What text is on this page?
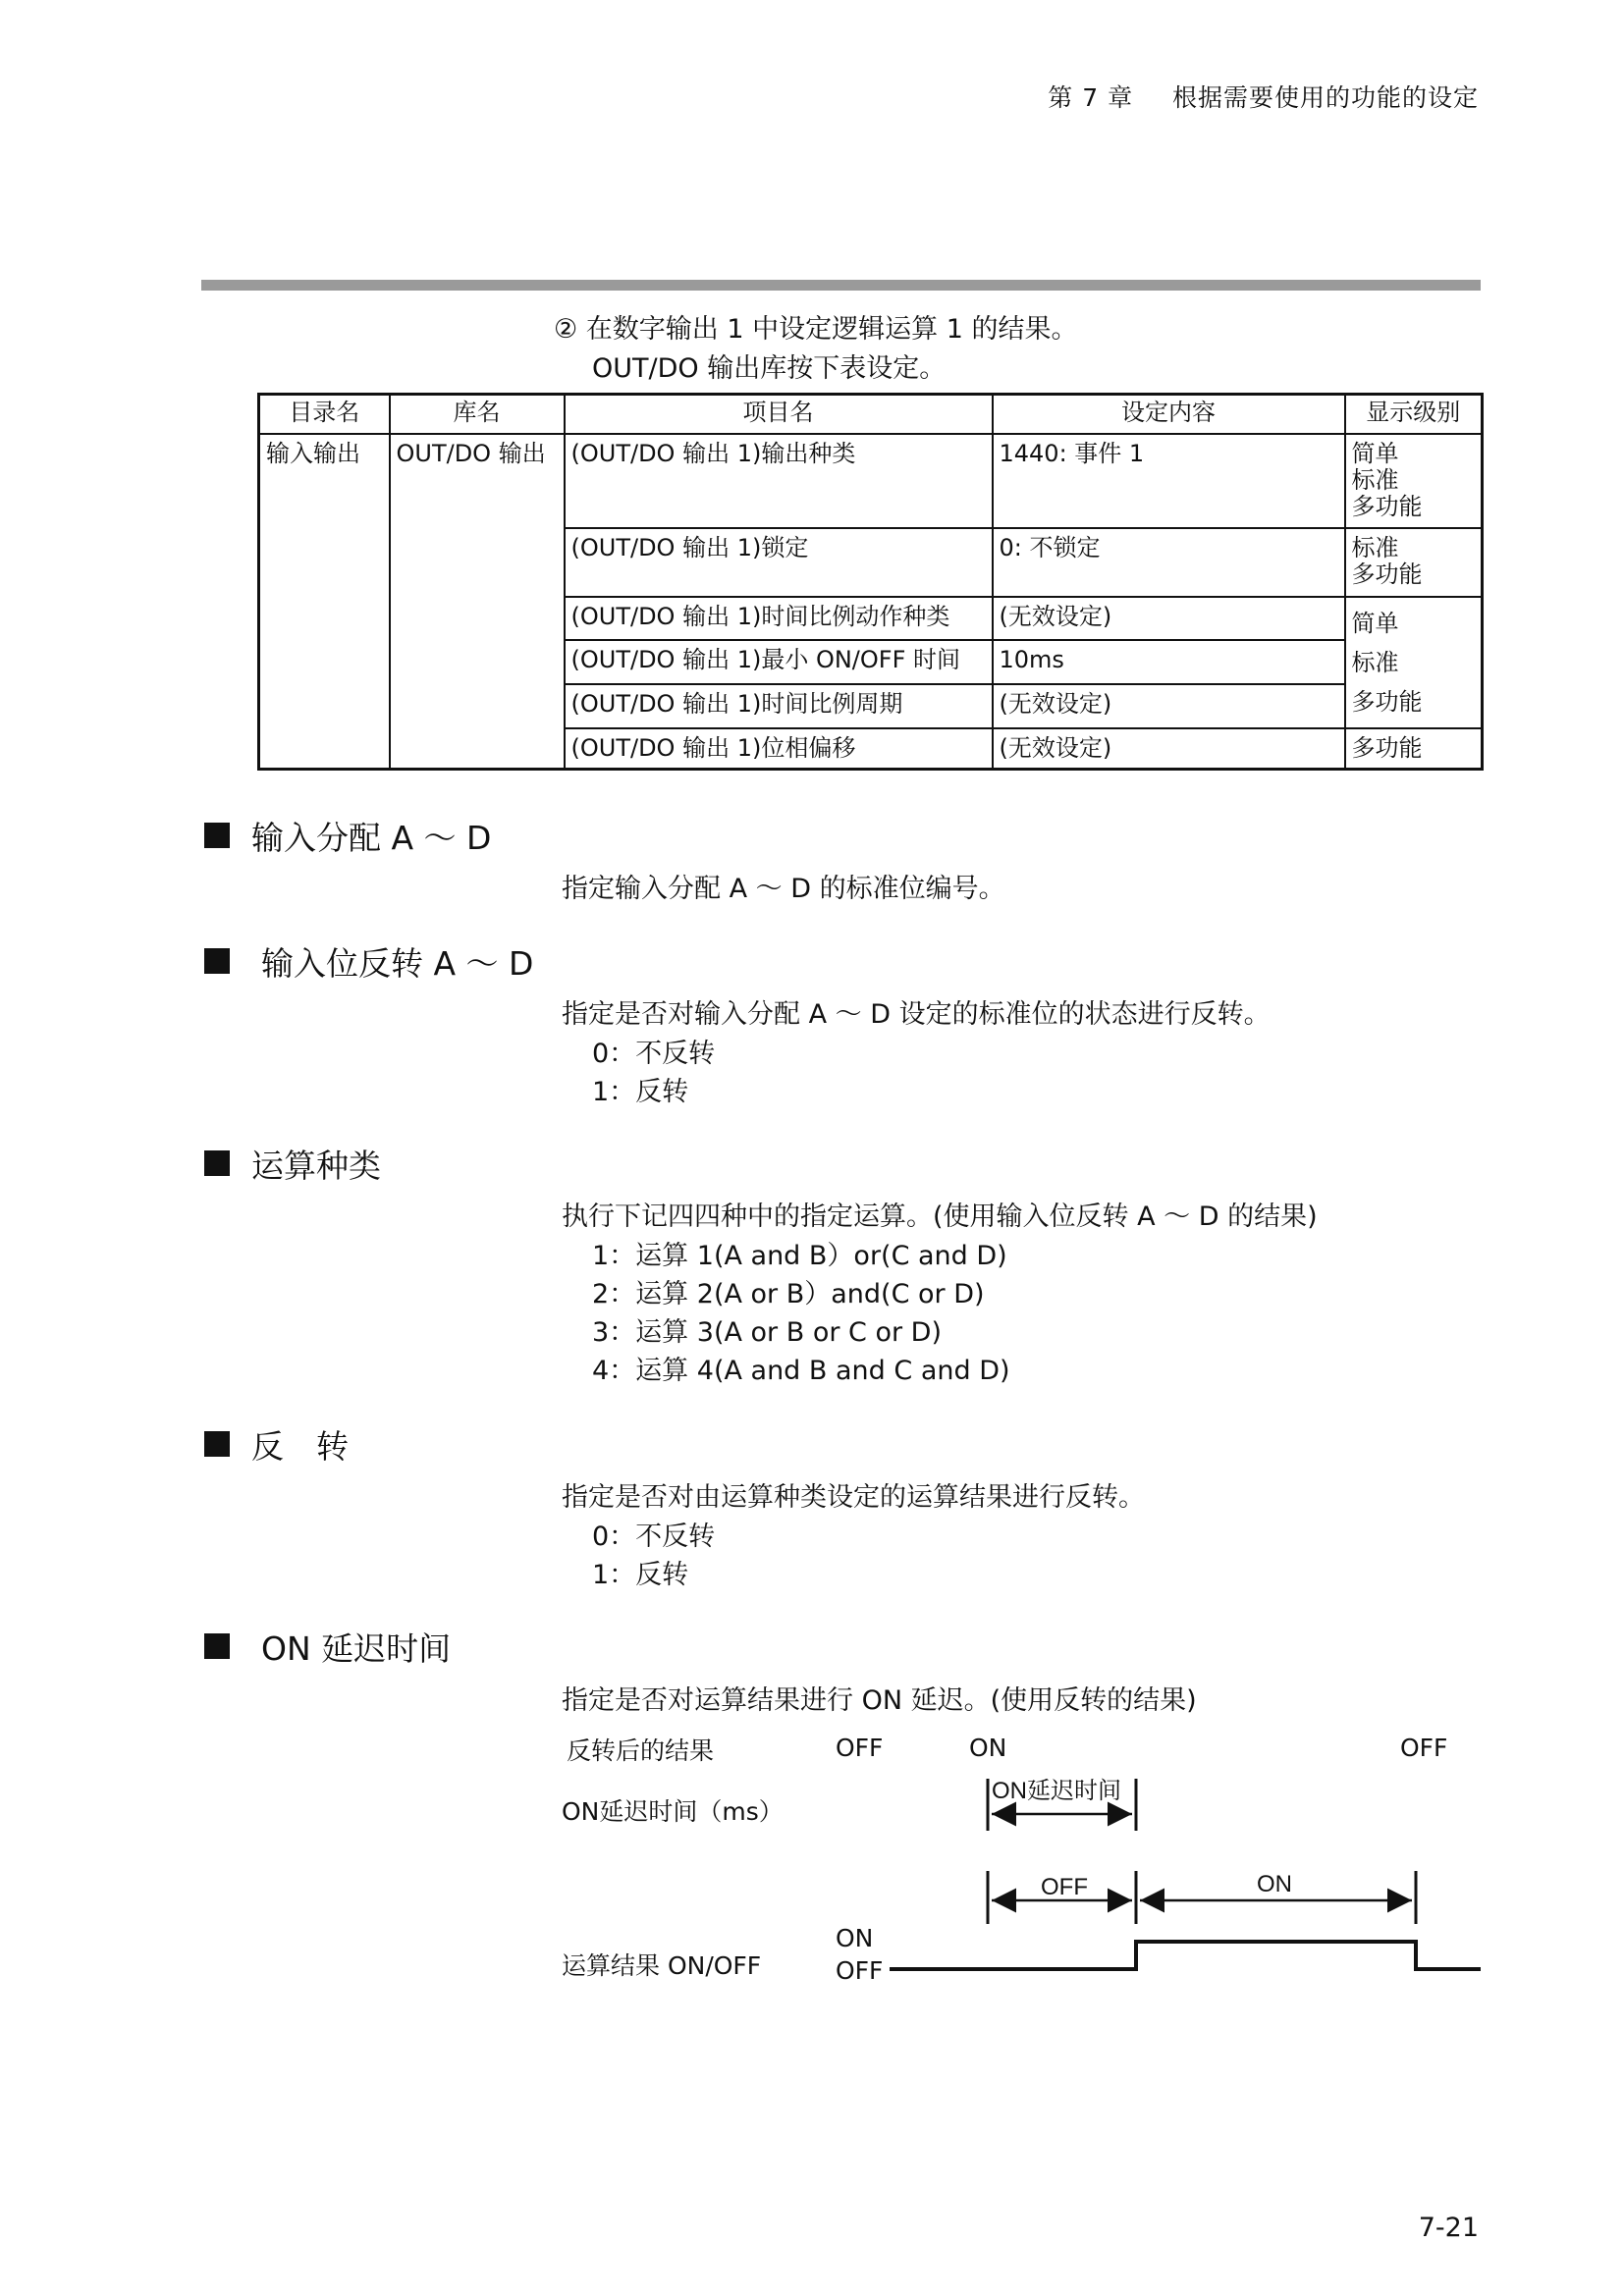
第 7 章 根据需要使用的功能的设定
② 在数字输出 1 中设定逻辑运算 1 的结果。
OUT/DO 输出库按下表设定。
目录名	库名	项目名	设定内容	显示级别
输入输出	OUT/DO 输出	(OUT/DO 输出 1)输出种类	1440: 事件 1	简单
标准
多功能

		(OUT/DO 输出 1)锁定	0: 不锁定	标准
多功能

		(OUT/DO 输出 1)时间比例动作种类	(无效设定)	简单
标准
多功能

		(OUT/DO 输出 1)最小 ON/OFF 时间	10ms	
		(OUT/DO 输出 1)时间比例周期	(无效设定)	
		(OUT/DO 输出 1)位相偏移	(无效设定)	多功能
输入分配 A ～ D
指定输入分配 A ～ D 的标准位编号。
输入位反转 A ～ D
指定是否对输入分配 A ～ D 设定的标准位的状态进行反转。
0：不反转
1：反转
运算种类
执行下记四四种中的指定运算。(使用输入位反转 A ～ D 的结果)
1：运算 1(A and B）or(C and D)
2：运算 2(A or B）and(C or D)
3：运算 3(A or B or C or D)
4：运算 4(A and B and C and D)
反　转
指定是否对由运算种类设定的运算结果进行反转。
0：不反转
1：反转
ON 延迟时间
指定是否对运算结果进行 ON 延迟。(使用反转的结果)
反转后的结果	OFF	ON	OFF
ON延迟时间（ms）
运算结果 ON/OFF
ON
OFF
ON延迟时间
OFF	ON
7-21
